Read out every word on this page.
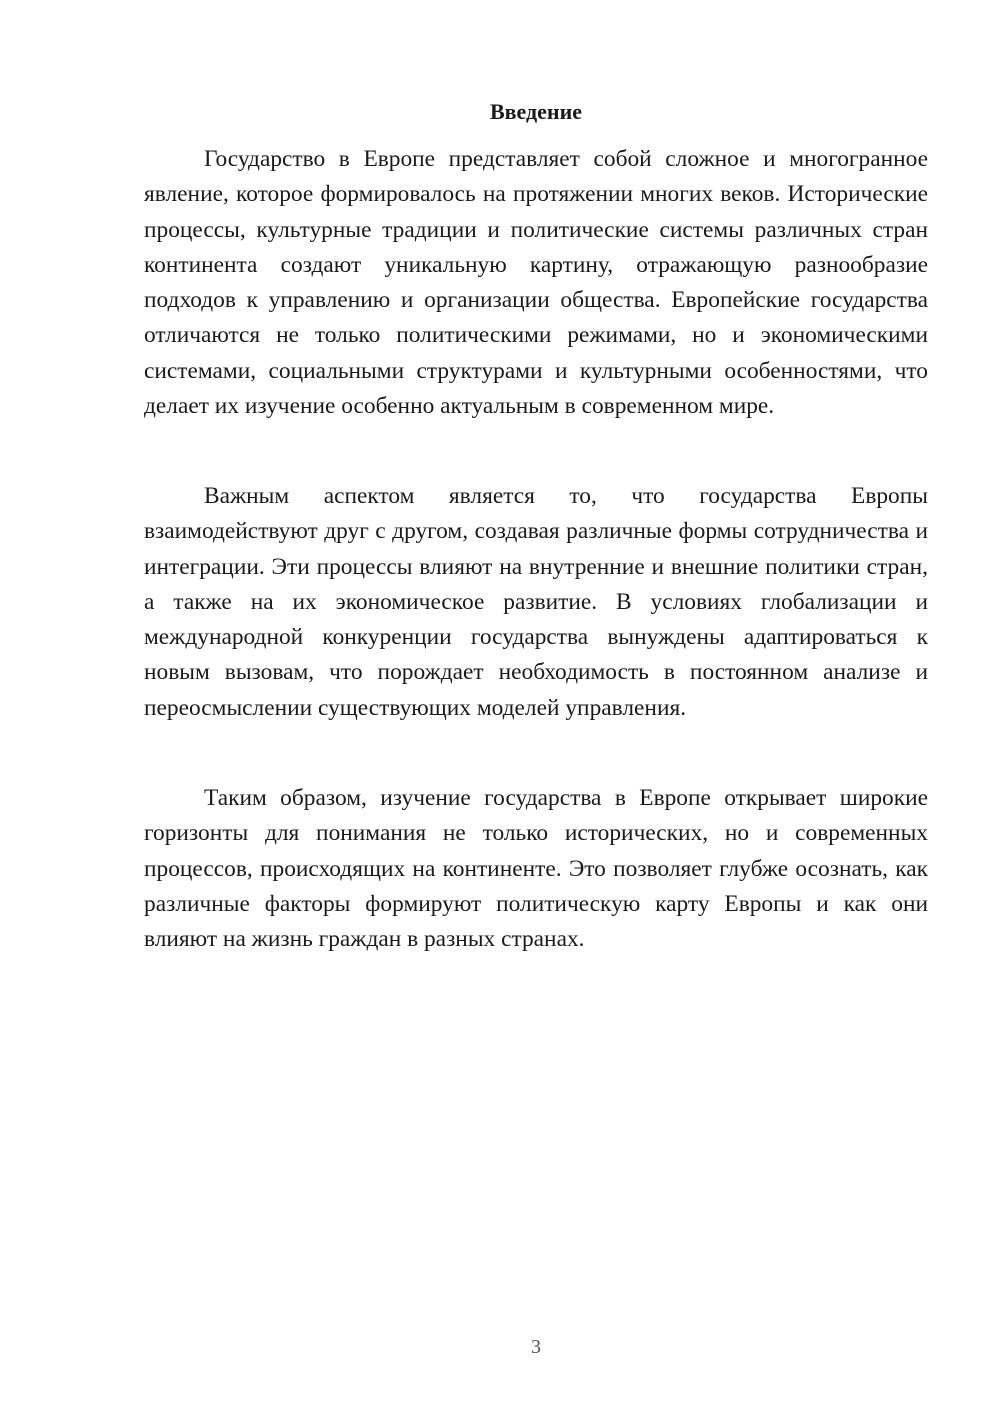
Введение

Государство в Европе представляет собой сложное и многогранное явление, которое формировалось на протяжении многих веков. Исторические процессы, культурные традиции и политические системы различных стран континента создают уникальную картину, отражающую разнообразие подходов к управлению и организации общества. Европейские государства отличаются не только политическими режимами, но и экономическими системами, социальными структурами и культурными особенностями, что делает их изучение особенно актуальным в современном мире.

Важным аспектом является то, что государства Европы взаимодействуют друг с другом, создавая различные формы сотрудничества и интеграции. Эти процессы влияют на внутренние и внешние политики стран, а также на их экономическое развитие. В условиях глобализации и международной конкуренции государства вынуждены адаптироваться к новым вызовам, что порождает необходимость в постоянном анализе и переосмыслении существующих моделей управления.

Таким образом, изучение государства в Европе открывает широкие горизонты для понимания не только исторических, но и современных процессов, происходящих на континенте. Это позволяет глубже осознать, как различные факторы формируют политическую карту Европы и как они влияют на жизнь граждан в разных странах.

3
